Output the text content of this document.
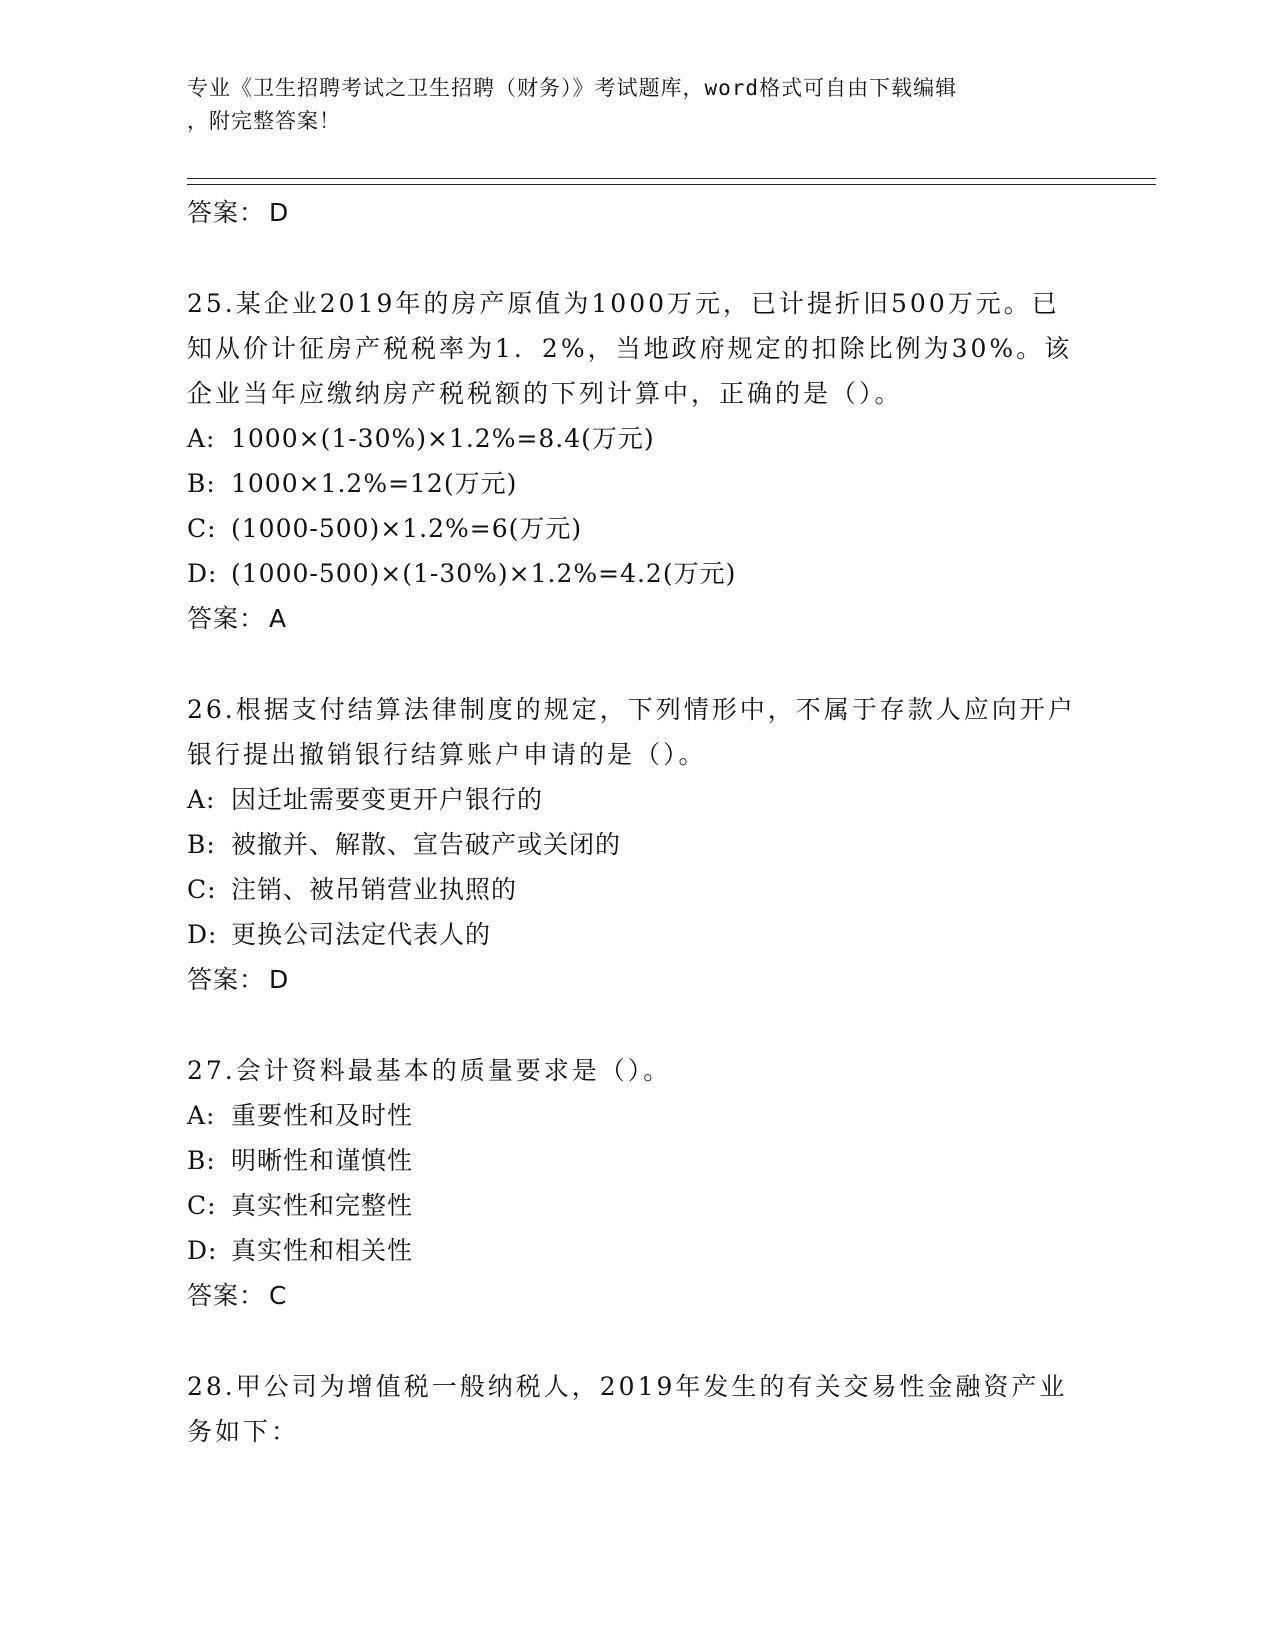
专业《卫生招聘考试之卫生招聘（财务）》考试题库，word格式可自由下载编辑
，附完整答案！
答案： D
25.某企业2019年的房产原值为1000万元，已计提折旧500万元。已知从价计征房产税税率为1．2%，当地政府规定的扣除比例为30%。该企业当年应缴纳房产税税额的下列计算中，正确的是（）。
A: 1000×(1-30%)×1.2%=8.4(万元)
B: 1000×1.2%=12(万元)
C: (1000-500)×1.2%=6(万元)
D: (1000-500)×(1-30%)×1.2%=4.2(万元)
答案： A
26.根据支付结算法律制度的规定，下列情形中，不属于存款人应向开户银行提出撤销银行结算账户申请的是（）。
A: 因迁址需要变更开户银行的
B: 被撤并、解散、宣告破产或关闭的
C: 注销、被吊销营业执照的
D: 更换公司法定代表人的
答案： D
27.会计资料最基本的质量要求是（）。
A: 重要性和及时性
B: 明晰性和谨慎性
C: 真实性和完整性
D: 真实性和相关性
答案： C
28.甲公司为增值税一般纳税人，2019年发生的有关交易性金融资产业务如下：
